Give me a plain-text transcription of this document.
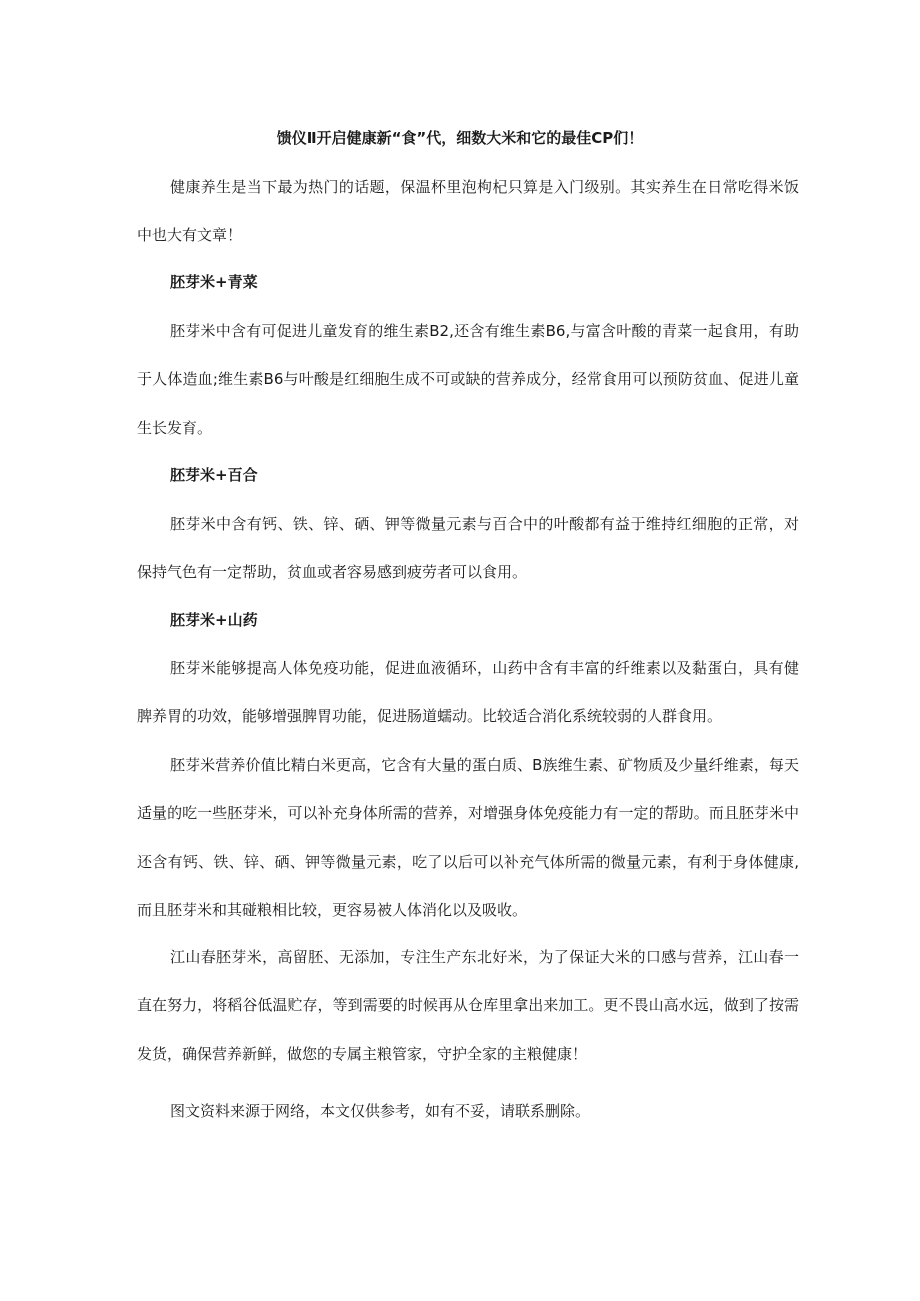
馈仪Ⅱ开启健康新“食”代，细数大米和它的最佳CP们！

健康养生是当下最为热门的话题，保温杯里泡枸杞只算是入门级别。其实养生在日常吃得米饭中也大有文章！

胚芽米+青菜

胚芽米中含有可促进儿童发育的维生素B2,还含有维生素B6,与富含叶酸的青菜一起食用，有助于人体造血;维生素B6与叶酸是红细胞生成不可或缺的营养成分，经常食用可以预防贫血、促进儿童生长发育。

胚芽米+百合

胚芽米中含有钙、铁、锌、硒、钾等微量元素与百合中的叶酸都有益于维持红细胞的正常，对保持气色有一定帮助，贫血或者容易感到疲劳者可以食用。

胚芽米+山药

胚芽米能够提高人体免疫功能，促进血液循环，山药中含有丰富的纤维素以及黏蛋白，具有健脾养胃的功效，能够增强脾胃功能，促进肠道蠕动。比较适合消化系统较弱的人群食用。

胚芽米营养价值比精白米更高，它含有大量的蛋白质、B族维生素、矿物质及少量纤维素，每天适量的吃一些胚芽米，可以补充身体所需的营养，对增强身体免疫能力有一定的帮助。而且胚芽米中还含有钙、铁、锌、硒、钾等微量元素，吃了以后可以补充气体所需的微量元素，有利于身体健康,而且胚芽米和其碰粮相比较，更容易被人体消化以及吸收。

江山春胚芽米，高留胚、无添加，专注生产东北好米，为了保证大米的口感与营养，江山春一直在努力，将稻谷低温贮存，等到需要的时候再从仓库里拿出来加工。更不畏山高水远，做到了按需发货，确保营养新鲜，做您的专属主粮管家，守护全家的主粮健康！

图文资料来源于网络，本文仅供参考，如有不妥，请联系删除。
